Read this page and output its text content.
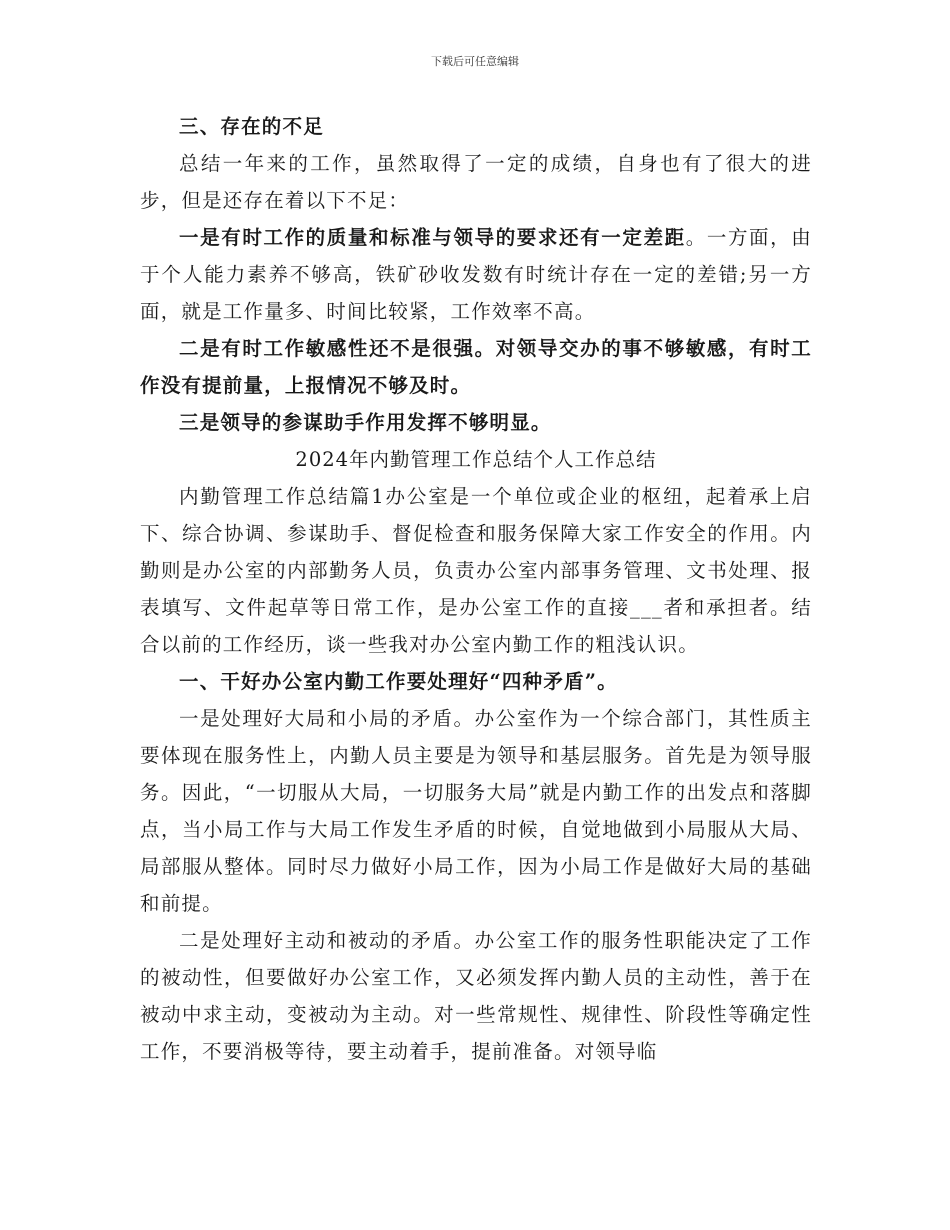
下载后可任意编辑

三、存在的不足

总结一年来的工作，虽然取得了一定的成绩，自身也有了很大的进步，但是还存在着以下不足：

一是有时工作的质量和标准与领导的要求还有一定差距。一方面，由于个人能力素养不够高，铁矿砂收发数有时统计存在一定的差错;另一方面，就是工作量多、时间比较紧，工作效率不高。

二是有时工作敏感性还不是很强。对领导交办的事不够敏感，有时工作没有提前量，上报情况不够及时。

三是领导的参谋助手作用发挥不够明显。

2024年内勤管理工作总结个人工作总结

内勤管理工作总结篇1办公室是一个单位或企业的枢纽，起着承上启下、综合协调、参谋助手、督促检查和服务保障大家工作安全的作用。内勤则是办公室的内部勤务人员，负责办公室内部事务管理、文书处理、报表填写、文件起草等日常工作，是办公室工作的直接___者和承担者。结合以前的工作经历，谈一些我对办公室内勤工作的粗浅认识。

一、干好办公室内勤工作要处理好“四种矛盾”。

一是处理好大局和小局的矛盾。办公室作为一个综合部门，其性质主要体现在服务性上，内勤人员主要是为领导和基层服务。首先是为领导服务。因此，“一切服从大局，一切服务大局”就是内勤工作的出发点和落脚点，当小局工作与大局工作发生矛盾的时候，自觉地做到小局服从大局、局部服从整体。同时尽力做好小局工作，因为小局工作是做好大局的基础和前提。

二是处理好主动和被动的矛盾。办公室工作的服务性职能决定了工作的被动性，但要做好办公室工作，又必须发挥内勤人员的主动性，善于在被动中求主动，变被动为主动。对一些常规性、规律性、阶段性等确定性工作，不要消极等待，要主动着手，提前准备。对领导临
